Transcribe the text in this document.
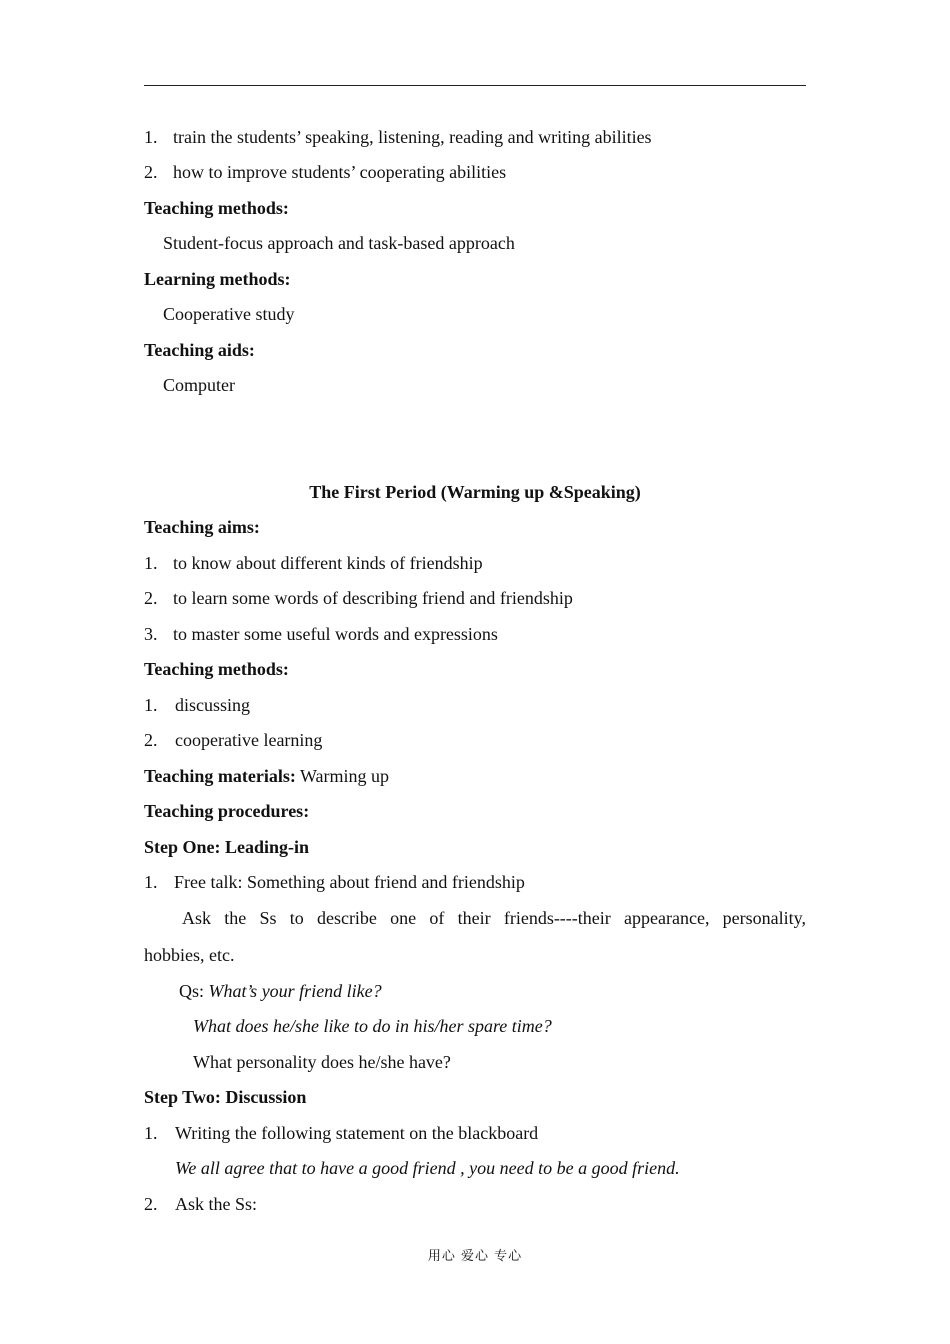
1. train the students’ speaking, listening, reading and writing abilities
2. how to improve students’ cooperating abilities
Teaching methods:
Student-focus approach and task-based approach
Learning methods:
Cooperative study
Teaching aids:
Computer
The First Period (Warming up &Speaking)
Teaching aims:
1. to know about different kinds of friendship
2. to learn some words of describing friend and friendship
3. to master some useful words and expressions
Teaching methods:
1. discussing
2. cooperative learning
Teaching materials: Warming up
Teaching procedures:
Step One: Leading-in
1. Free talk: Something about friend and friendship
Ask the Ss to describe one of their friends----their appearance, personality,
hobbies, etc.
Qs: What’s your friend like?
What does he/she like to do in his/her spare time?
What personality does he/she have?
Step Two: Discussion
1. Writing the following statement on the blackboard
We all agree that to have a good friend , you need to be a good friend.
2. Ask the Ss:
用心 爱心 专心
